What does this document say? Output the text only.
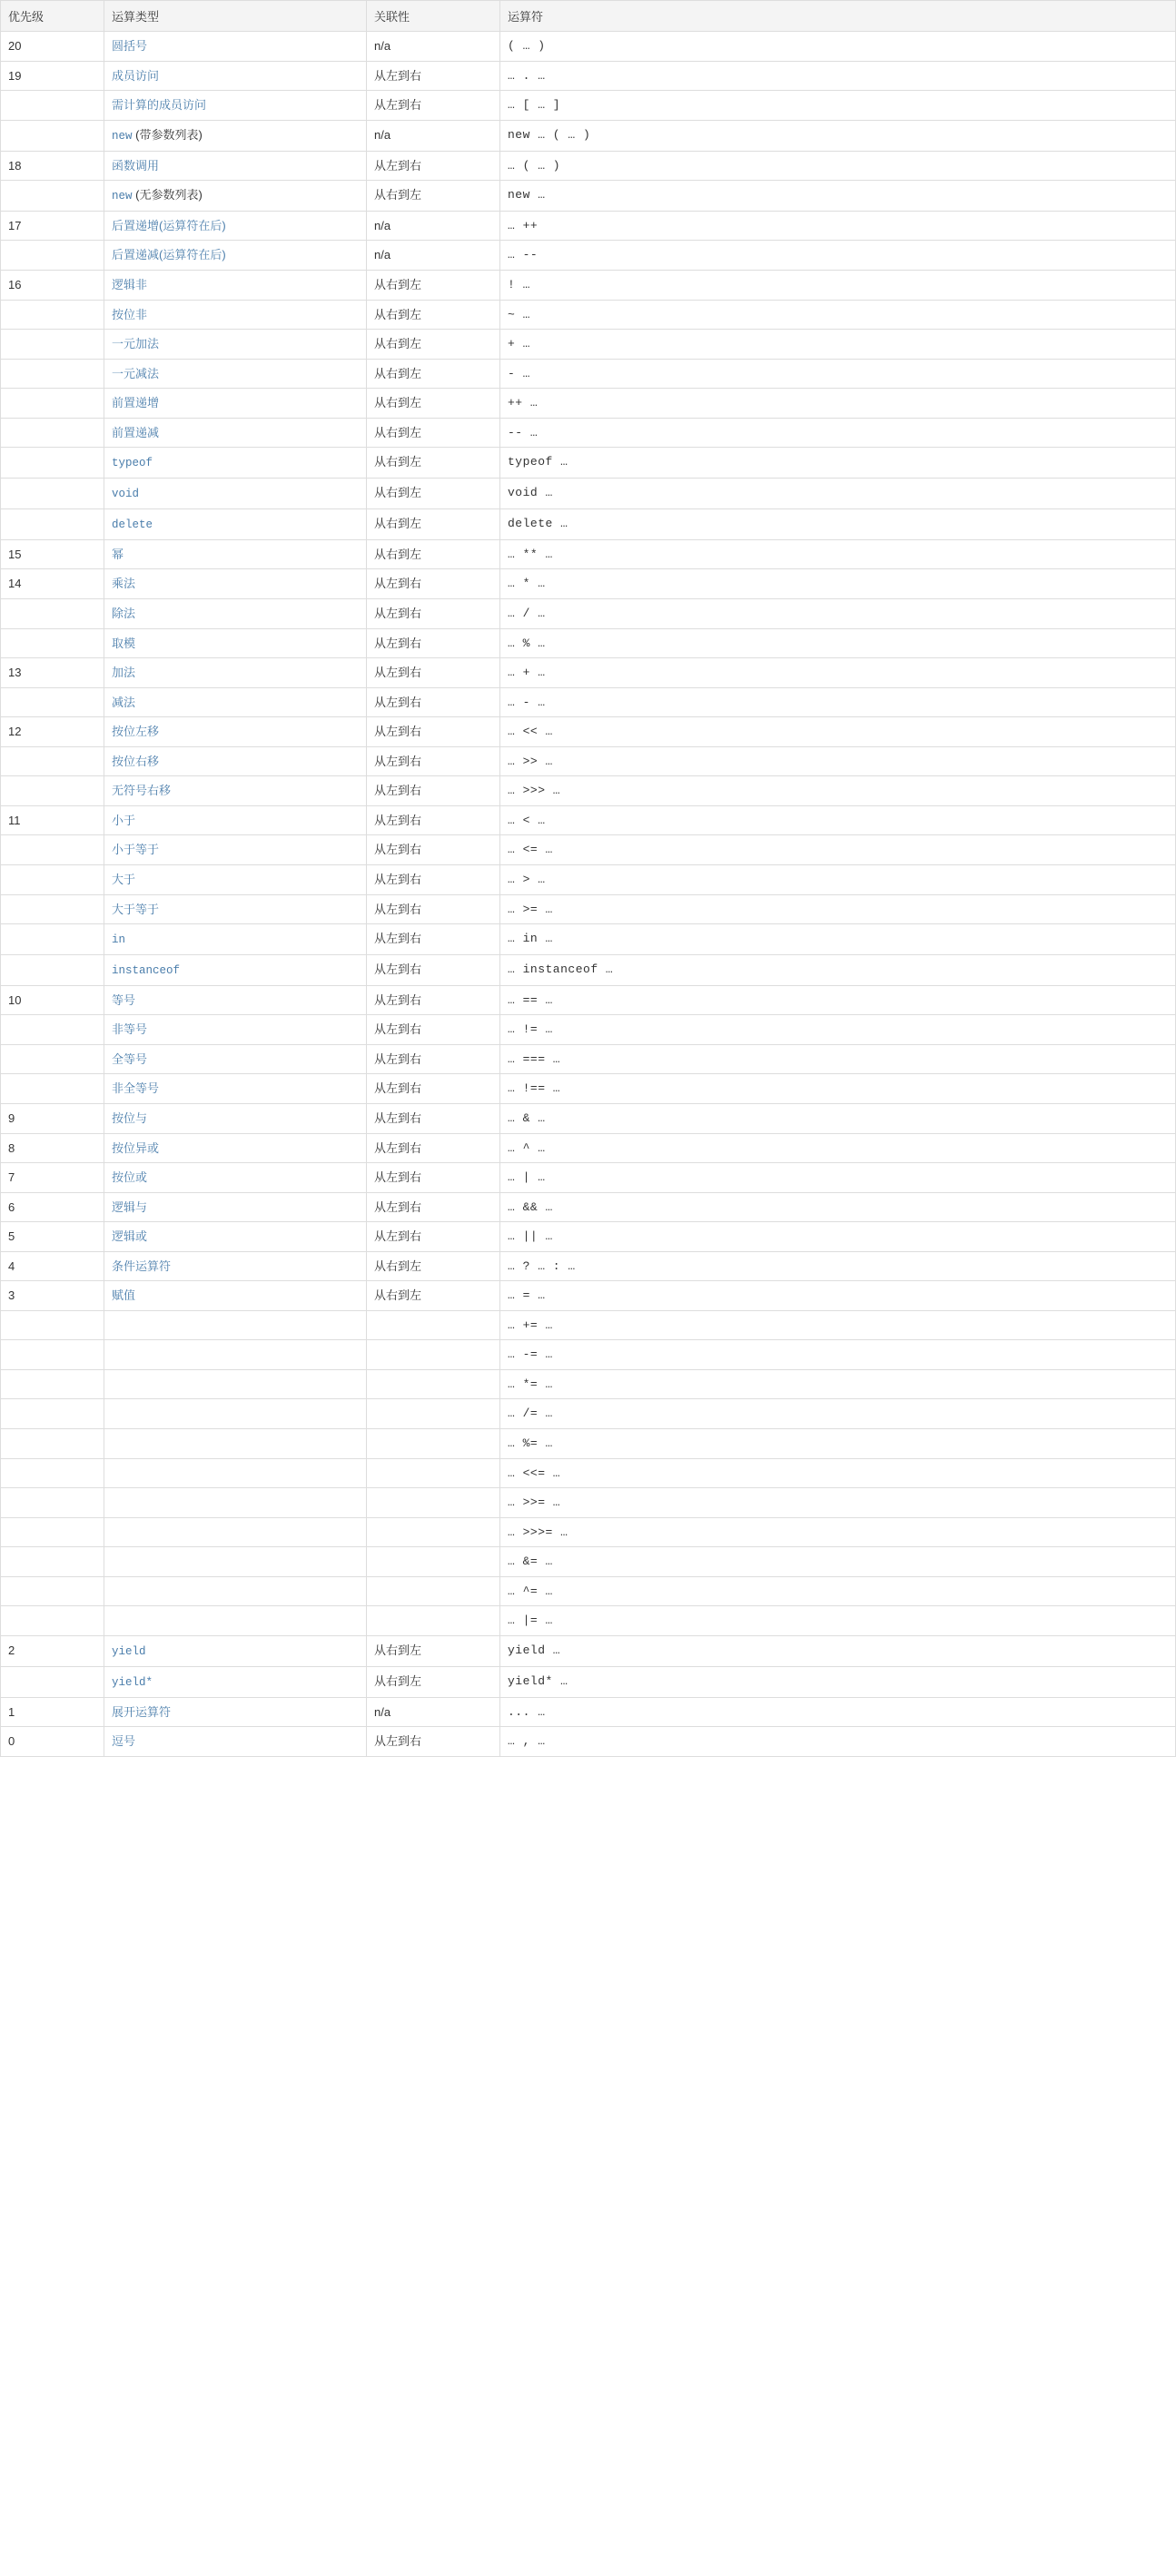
优先级	运算类型	关联性	运算符
20	圆括号	n/a	( … )
19	成员访问	从左到右	… . …
	需计算的成员访问	从左到右	… [ … ]
	new (带参数列表)	n/a	new … ( … )
18	函数调用	从左到右	… ( … )
	new (无参数列表)	从右到左	new …
17	后置递增(运算符在后)	n/a	… ++
	后置递减(运算符在后)	n/a	… --
16	逻辑非	从右到左	! …
	按位非	从右到左	~ …
	一元加法	从右到左	+ …
	一元减法	从右到左	- …
	前置递增	从右到左	++ …
	前置递减	从右到左	-- …
	typeof	从右到左	typeof …
	void	从右到左	void …
	delete	从右到左	delete …
15	幂	从右到左	… ** …
14	乘法	从左到右	… * …
	除法	从左到右	… / …
	取模	从左到右	… % …
13	加法	从左到右	… + …
	减法	从左到右	… - …
12	按位左移	从左到右	… << …
	按位右移	从左到右	… >> …
	无符号右移	从左到右	… >>> …
11	小于	从左到右	… < …
	小于等于	从左到右	… <= …
	大于	从左到右	… > …
	大于等于	从左到右	… >= …
	in	从左到右	… in …
	instanceof	从左到右	… instanceof …
10	等号	从左到右	… == …
	非等号	从左到右	… != …
	全等号	从左到右	… === …
	非全等号	从左到右	… !== …
9	按位与	从左到右	… & …
8	按位异或	从左到右	… ^ …
7	按位或	从左到右	… | …
6	逻辑与	从左到右	… && …
5	逻辑或	从左到右	… || …
4	条件运算符	从右到左	… ? … : …
3	赋值	从右到左	… = …
			… += …
			… -= …
			… *= …
			… /= …
			… %= …
			… <<= …
			… >>= …
			… >>>= …
			… &= …
			… ^= …
			… |= …
2	yield	从右到左	yield …
	yield*	从右到左	yield* …
1	展开运算符	n/a	... …
0	逗号	从左到右	… , …
